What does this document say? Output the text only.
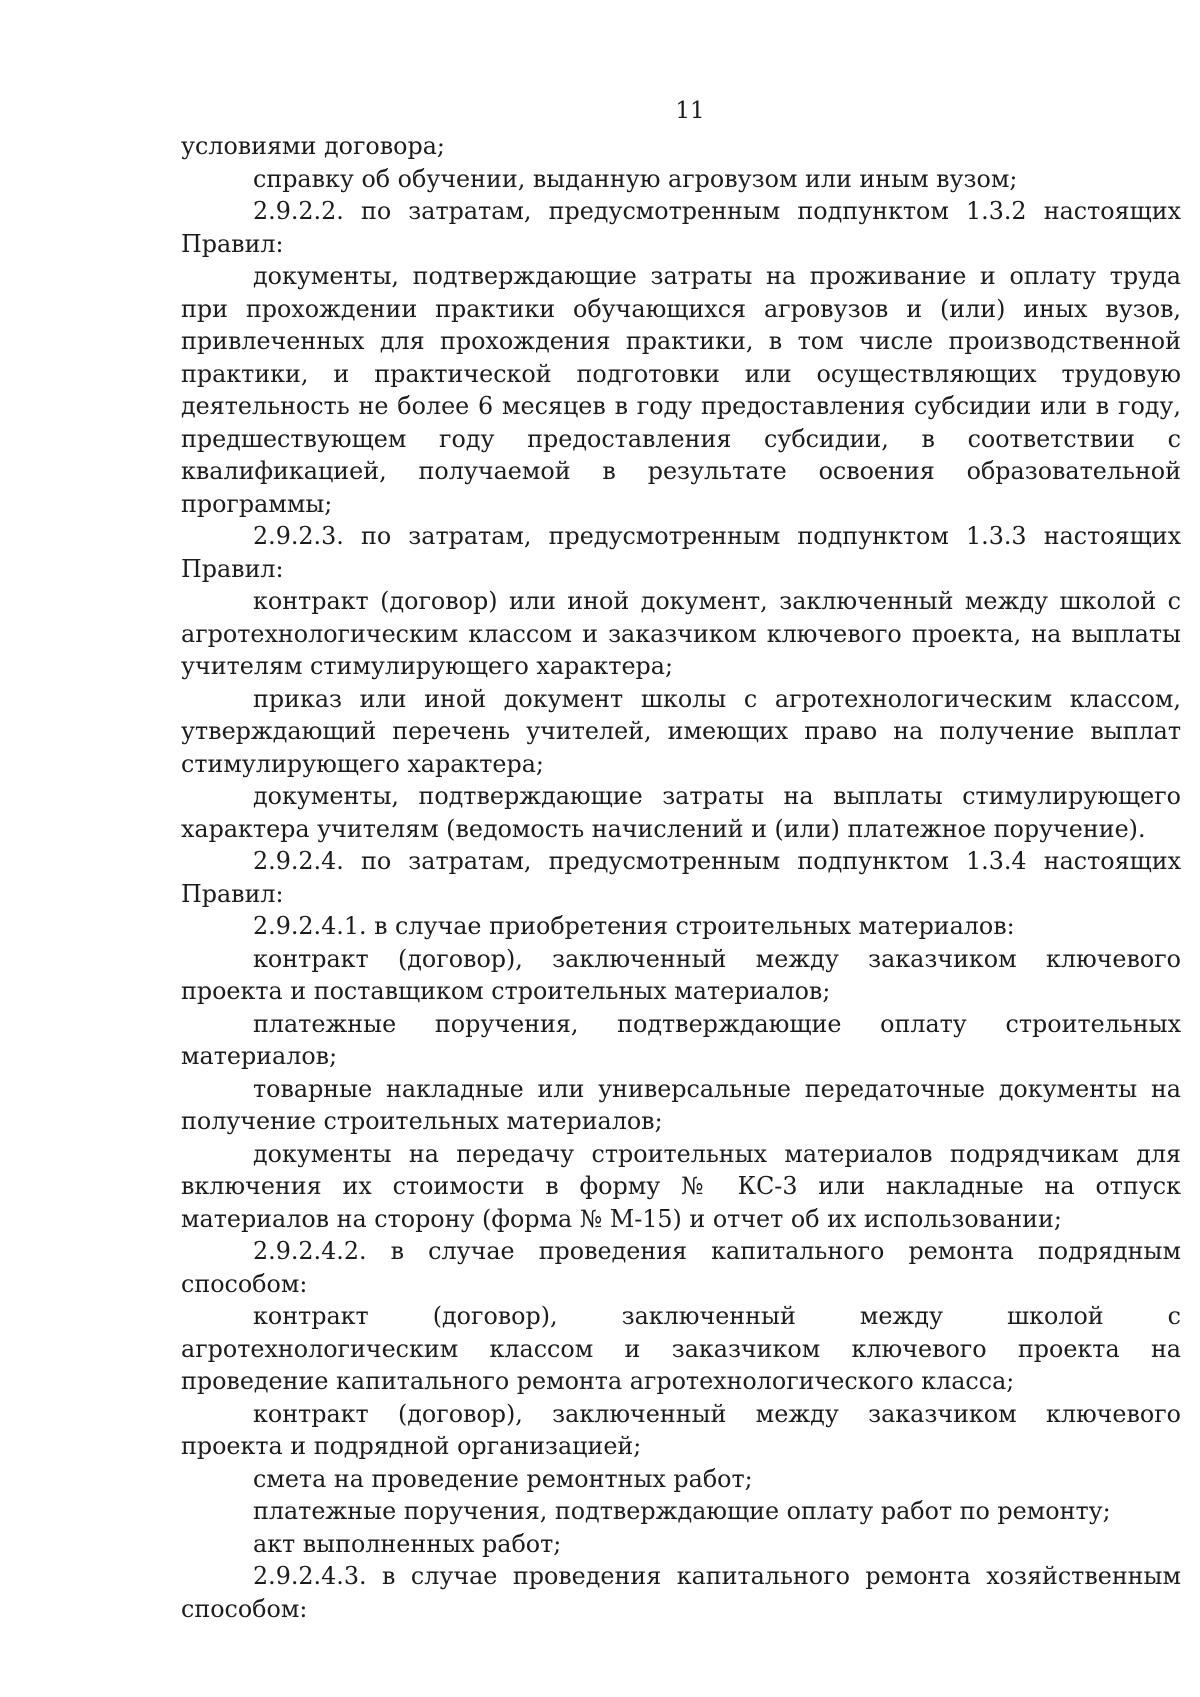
11

условиями договора;

справку об обучении, выданную агровузом или иным вузом;

2.9.2.2. по затратам, предусмотренным подпунктом 1.3.2 настоящих Правил:

документы, подтверждающие затраты на проживание и оплату труда при прохождении практики обучающихся агровузов и (или) иных вузов, привлеченных для прохождения практики, в том числе производственной практики, и практической подготовки или осуществляющих трудовую деятельность не более 6 месяцев в году предоставления субсидии или в году, предшествующем году предоставления субсидии, в соответствии с квалификацией, получаемой в результате освоения образовательной программы;

2.9.2.3. по затратам, предусмотренным подпунктом 1.3.3 настоящих Правил:

контракт (договор) или иной документ, заключенный между школой с агротехнологическим классом и заказчиком ключевого проекта, на выплаты учителям стимулирующего характера;

приказ или иной документ школы с агротехнологическим классом, утверждающий перечень учителей, имеющих право на получение выплат стимулирующего характера;

документы, подтверждающие затраты на выплаты стимулирующего характера учителям (ведомость начислений и (или) платежное поручение).

2.9.2.4. по затратам, предусмотренным подпунктом 1.3.4 настоящих Правил:

2.9.2.4.1. в случае приобретения строительных материалов:

контракт (договор), заключенный между заказчиком ключевого проекта и поставщиком строительных материалов;

платежные поручения, подтверждающие оплату строительных материалов;

товарные накладные или универсальные передаточные документы на получение строительных материалов;

документы на передачу строительных материалов подрядчикам для включения их стоимости в форму № КС-3 или накладные на отпуск материалов на сторону (форма № М-15) и отчет об их использовании;

2.9.2.4.2. в случае проведения капитального ремонта подрядным способом:

контракт (договор), заключенный между школой с агротехнологическим классом и заказчиком ключевого проекта на проведение капитального ремонта агротехнологического класса;

контракт (договор), заключенный между заказчиком ключевого проекта и подрядной организацией;

смета на проведение ремонтных работ;

платежные поручения, подтверждающие оплату работ по ремонту;

акт выполненных работ;

2.9.2.4.3. в случае проведения капитального ремонта хозяйственным способом:
